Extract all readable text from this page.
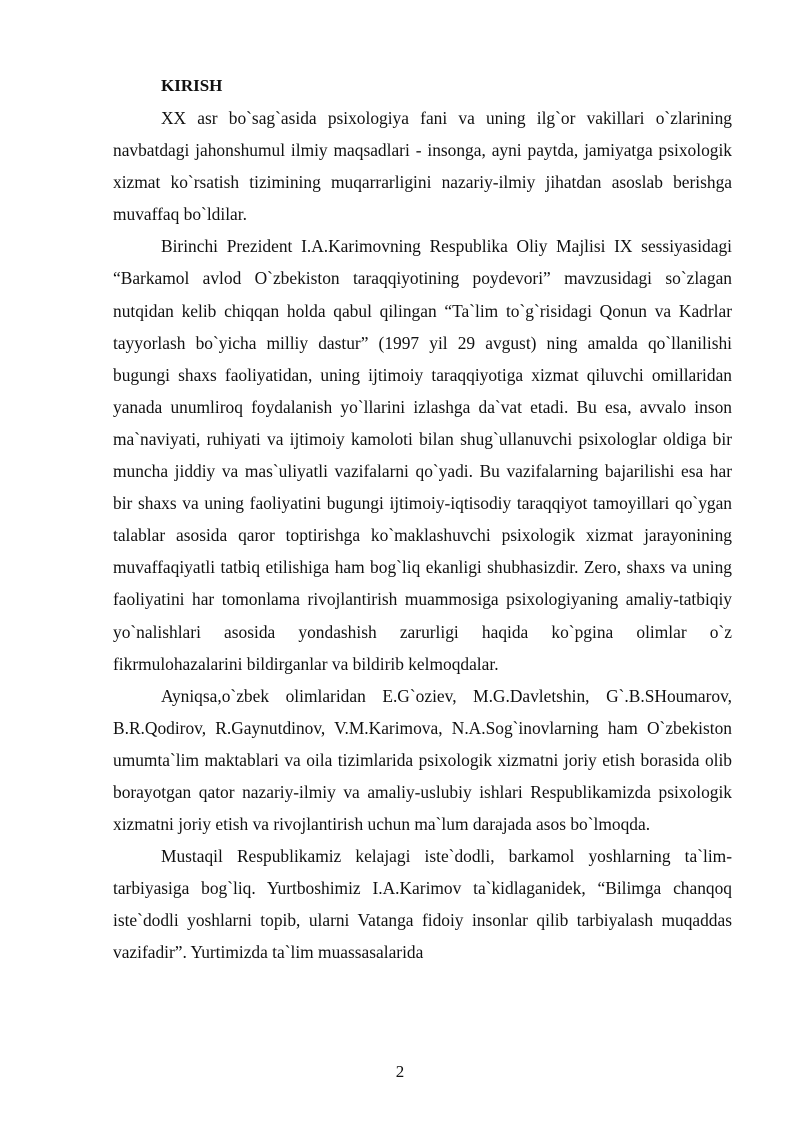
KIRISH

XX asr bo`sag`asida psixologiya fani va uning ilg`or vakillari o`zlarining navbatdagi jahonshumul ilmiy maqsadlari - insonga, ayni paytda, jamiyatga psixologik xizmat ko`rsatish tizimining muqarrarligini nazariy-ilmiy jihatdan asoslab berishga muvaffaq bo`ldilar.

Birinchi Prezident I.A.Karimovning Respublika Oliy Majlisi IX sessiyasidagi “Barkamol avlod O`zbekiston taraqqiyotining poydevori” mavzusidagi so`zlagan nutqidan kelib chiqqan holda qabul qilingan “Ta`lim to`g`risidagi Qonun va Kadrlar tayyorlash bo`yicha milliy dastur” (1997 yil 29 avgust) ning amalda qo`llanilishi bugungi shaxs faoliyatidan, uning ijtimoiy taraqqiyotiga xizmat qiluvchi omillaridan yanada unumliroq foydalanish yo`llarini izlashga da`vat etadi. Bu esa, avvalo inson ma`naviyati, ruhiyati va ijtimoiy kamoloti bilan shug`ullanuvchi psixologlar oldiga bir muncha jiddiy va mas`uliyatli vazifalarni qo`yadi. Bu vazifalarning bajarilishi esa har bir shaxs va uning faoliyatini bugungi ijtimoiy-iqtisodiy taraqqiyot tamoyillari qo`ygan talablar asosida qaror toptirishga ko`maklashuvchi psixologik xizmat jarayonining muvaffaqiyatli tatbiq etilishiga ham bog`liq ekanligi shubhasizdir. Zero, shaxs va uning faoliyatini har tomonlama rivojlantirish muammosiga psixologiyaning amaliy-tatbiqiy yo`nalishlari asosida yondashish zarurligi haqida ko`pgina olimlar o`z fikrmulohazalarini bildirganlar va bildirib kelmoqdalar.

Ayniqsa,o`zbek olimlaridan E.G`oziev, M.G.Davletshin, G`.B.SHoumarov, B.R.Qodirov, R.Gaynutdinov, V.M.Karimova, N.A.Sog`inovlarning ham O`zbekiston umumta`lim maktablari va oila tizimlarida psixologik xizmatni joriy etish borasida olib borayotgan qator nazariy-ilmiy va amaliy-uslubiy ishlari Respublikamizda psixologik xizmatni joriy etish va rivojlantirish uchun ma`lum darajada asos bo`lmoqda.

Mustaqil Respublikamiz kelajagi iste`dodli, barkamol yoshlarning ta`lim-tarbiyasiga bog`liq. Yurtboshimiz I.A.Karimov ta`kidlaganidek, “Bilimga chanqoq iste`dodli yoshlarni topib, ularni Vatanga fidoiy insonlar qilib tarbiyalash muqaddas vazifadir”. Yurtimizda ta`lim muassasalarida

2
